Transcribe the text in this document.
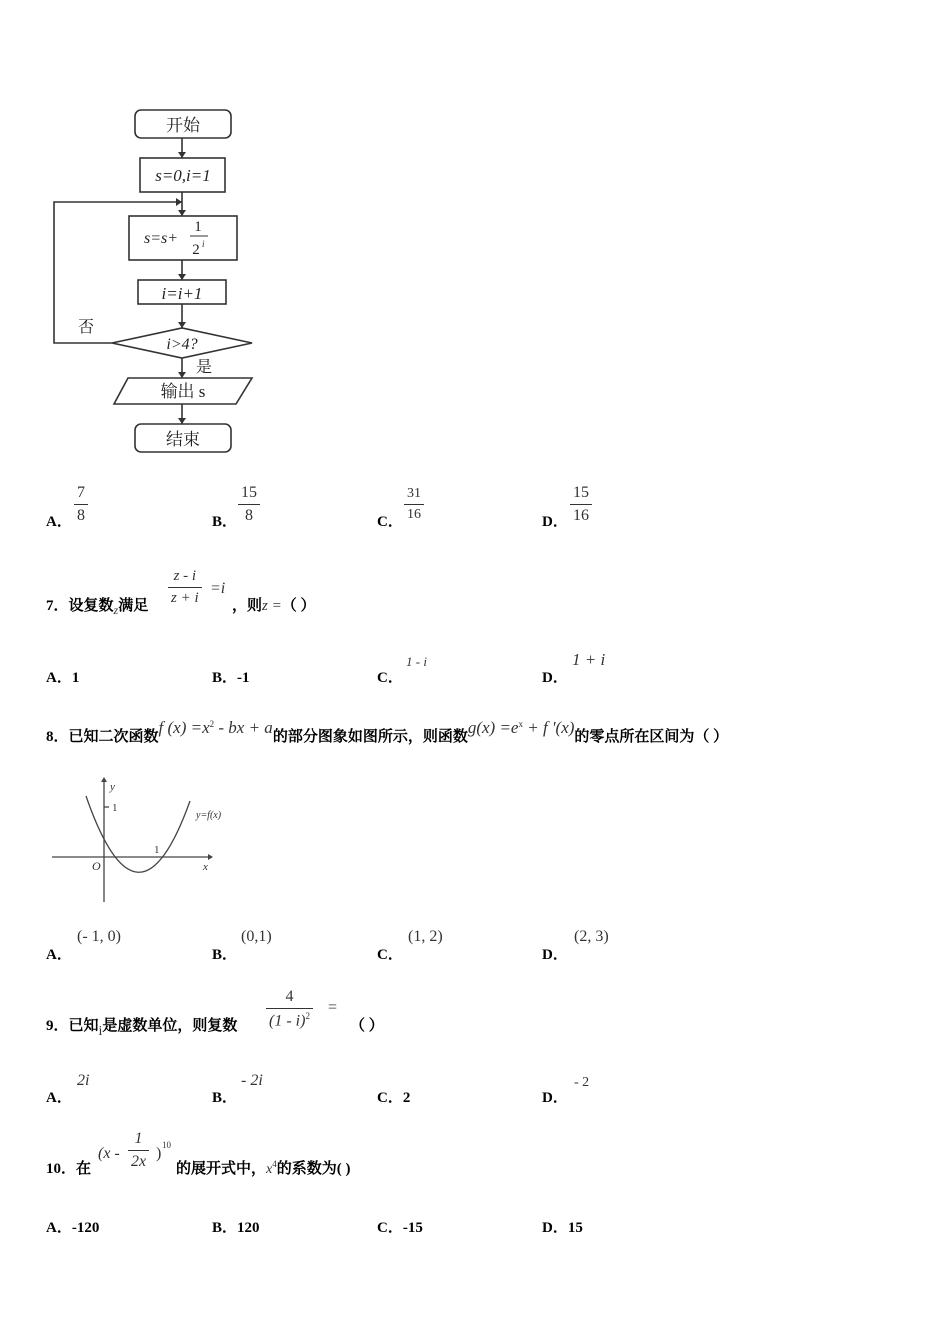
开始
s=0,i=1
s=s+
1
2 i
i=i+1
i>4?
否
是
输出 s
结束
A． $\frac{7}{8}$	B． $\frac{15}{8}$	C． $\frac{31}{16}$	D． $\frac{15}{16}$
7．设复数$_z$满足 $\frac{z - i}{z + i} =i$
，则z =（ ）
A．1	B．-1	C．
1 - i
D．
1 + i
8．已知二次函数f $(x) =x^2$ - bx + a的部分图象如图所示，则函数$g(x) =e^x + f$ '(x)的零点所在区间为（ ）
y
x
O
1
1
y=f(x)
A．
(- 1, 0)
B．
(0,1)
C．
(1, 2)
D．
(2, 3)
9．已知i是虚数单位，则复数 $\frac{4}{(1 - i)^2}$ =
（ ）
A．
2i
B．
- 2i
C．2	D．
- 2
10．在
($x - \frac{1}{2x}$ ) 10
的展开式中，$x^4$的系数为( )
A．-120	B．120	C．-15	D．15
